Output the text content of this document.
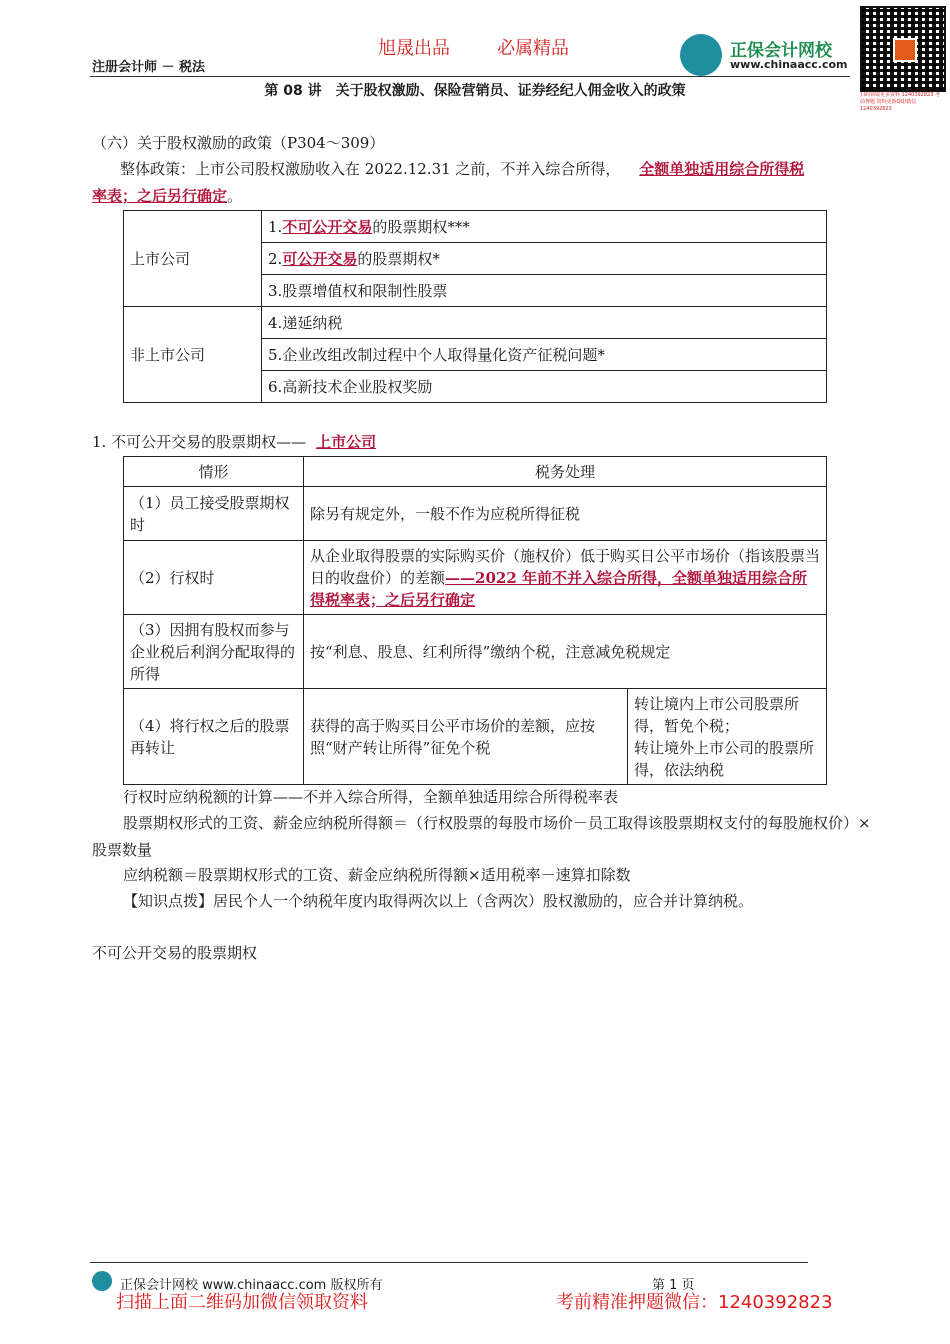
注册会计师 － 税法
旭晟出品	必属精品	正保会计网校
www.chinaacc.com
扫码领取更多资料 1240392823 考前押题 资料更新QQ/微信 1240392823
第 08 讲　关于股权激励、保险营销员、证券经纪人佣金收入的政策
（六）关于股权激励的政策（P304～309）
整体政策：上市公司股权激励收入在 2022.12.31 之前，不并入综合所得， 全额单独适用综合所得税
率表；之后另行确定。
上市公司	1.不可公开交易的股票期权***
	2.可公开交易的股票期权*
	3.股票增值权和限制性股票
非上市公司	4.递延纳税
	5.企业改组改制过程中个人取得量化资产征税问题*
	6.高新技术企业股权奖励
1. 不可公开交易的股票期权—— 上市公司
情形	税务处理	
（1）员工接受股票期权时	除另有规定外，一般不作为应税所得征税	
（2）行权时	从企业取得股票的实际购买价（施权价）低于购买日公平市场价（指该股票当日的收盘价）的差额——2022 年前不并入综合所得，全额单独适用综合所得税率表；之后另行确定	
（3）因拥有股权而参与企业税后利润分配取得的所得	按“利息、股息、红利所得”缴纳个税，注意减免税规定	
（4）将行权之后的股票再转让	获得的高于购买日公平市场价的差额，应按照“财产转让所得”征免个税	转让境内上市公司股票所得，暂免个税；
转让境外上市公司的股票所得，依法纳税
行权时应纳税额的计算——不并入综合所得，全额单独适用综合所得税率表
股票期权形式的工资、薪金应纳税所得额＝（行权股票的每股市场价－员工取得该股票期权支付的每股施权价）×股票数量
应纳税额＝股票期权形式的工资、薪金应纳税所得额×适用税率－速算扣除数
【知识点拨】居民个人一个纳税年度内取得两次以上（含两次）股权激励的，应合并计算纳税。
不可公开交易的股票期权
正保会计网校 www.chinaacc.com 版权所有	第 1 页
扫描上面二维码加微信领取资料	考前精准押题微信：1240392823
